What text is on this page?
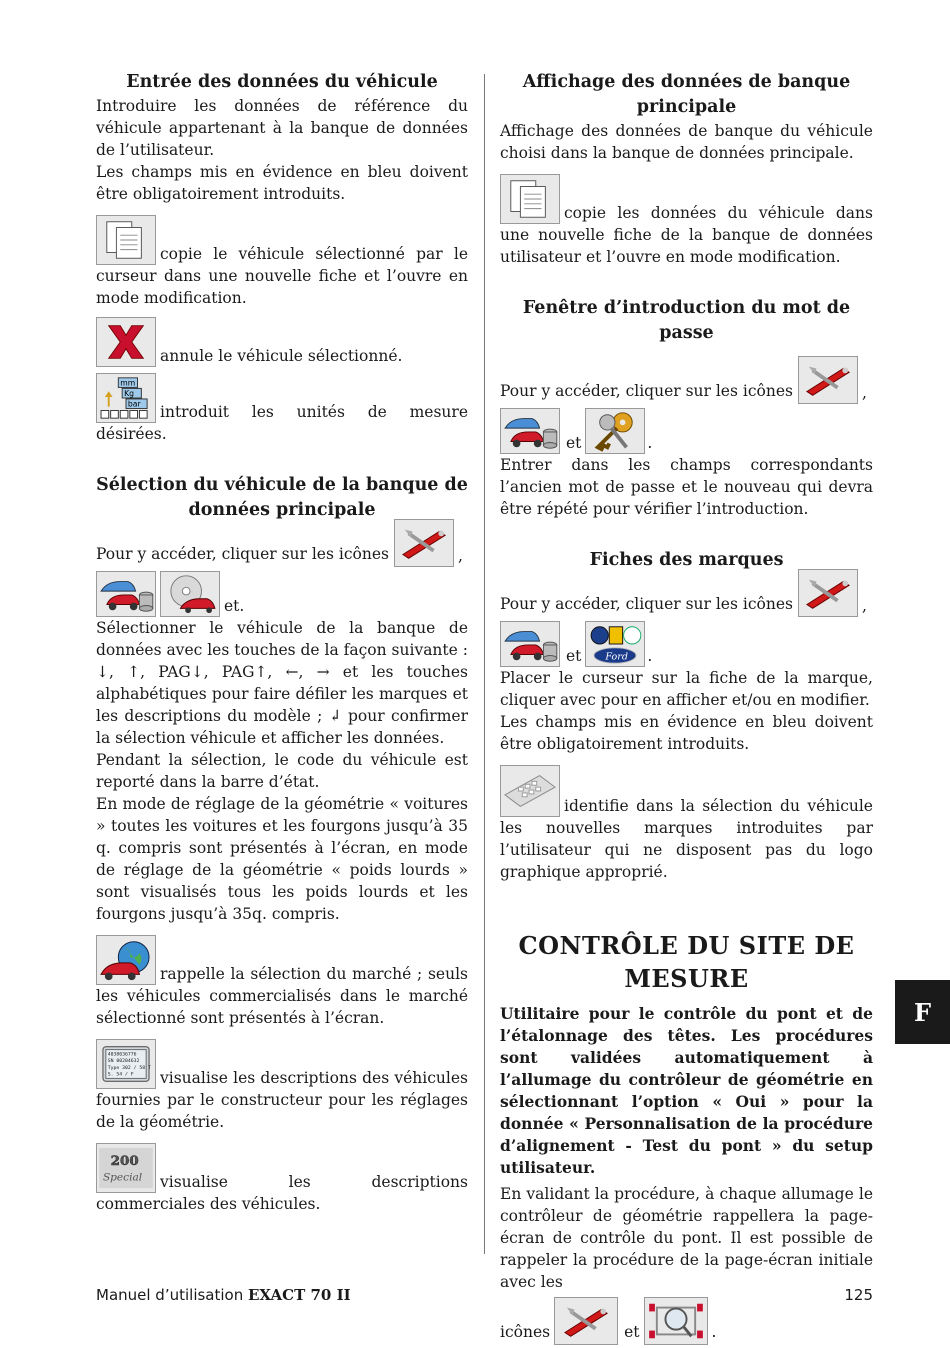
Entrée des données du véhicule

Introduire les données de référence du véhicule appartenant à la banque de données de l’utilisateur.

Les champs mis en évidence en bleu doivent être obligatoirement introduits.

copie le véhicule sélectionné par le curseur dans une nouvelle fiche et l’ouvre en mode modification.

annule le véhicule sélectionné.

mm
Kg
bar introduit les unités de mesure désirées.

Sélection du véhicule de la banque de données principale
Pour y accéder, cliquer sur les icônes	,
et .

Sélectionner le véhicule de la banque de données avec les touches de la façon suivante :

↓, ↑, PAG↓, PAG↑, ←, → et les touches alphabétiques pour faire défiler les marques et les descriptions du modèle ; ↲ pour confirmer la sélection véhicule et afficher les données.

Pendant la sélection, le code du véhicule est reporté dans la barre d’état.

En mode de réglage de la géométrie « voitures » toutes les voitures et les fourgons jusqu’à 35 q. compris sont présentés à l’écran, en mode de réglage de la géométrie « poids lourds » sont visualisés tous les poids lourds et les fourgons jusqu’à 35q. compris.

rappelle la sélection du marché ; seuls les véhicules commercialisés dans le marché sélectionné sont présentés à l’écran.

4038036776
SN 00204632
Type 302 / 58 T
S. 54 / F visualise les descriptions des véhicules fournies par le constructeur pour les réglages de la géométrie.

200
Special visualise les descriptions commerciales des véhicules.

Affichage des données de banque principale

Affichage des données de banque du véhicule choisi dans la banque de données principale.

copie les données du véhicule dans une nouvelle fiche de la banque de données utilisateur et l’ouvre en mode modification.

Fenêtre d’introduction du mot de passe
Pour y accéder, cliquer sur les icônes	,
et	.

Entrer dans les champs correspondants l’ancien mot de passe et le nouveau qui devra être répété pour vérifier l’introduction.

Fiches des marques
Pour y accéder, cliquer sur les icônes	,
et Ford .

Placer le curseur sur la fiche de la marque, cliquer avec pour en afficher et/ou en modifier.

Les champs mis en évidence en bleu doivent être obligatoirement introduits.

identifie dans la sélection du véhicule les nouvelles marques introduites par l’utilisateur qui ne disposent pas du logo graphique approprié.

CONTRÔLE DU SITE DE MESURE

Utilitaire pour le contrôle du pont et de l’étalonnage des têtes. Les procédures sont validées automatiquement à l’allumage du contrôleur de géométrie en sélectionnant l’option « Oui » pour la donnée « Personnalisation de la procédure d’alignement - Test du pont » du setup utilisateur.

En validant la procédure, à chaque allumage le contrôleur de géométrie rappellera la page-écran de contrôle du pont. Il est possible de rappeler la procédure de la page-écran initiale avec les

icônes	et	.
F
Manuel d’utilisation EXACT 70 II	125
